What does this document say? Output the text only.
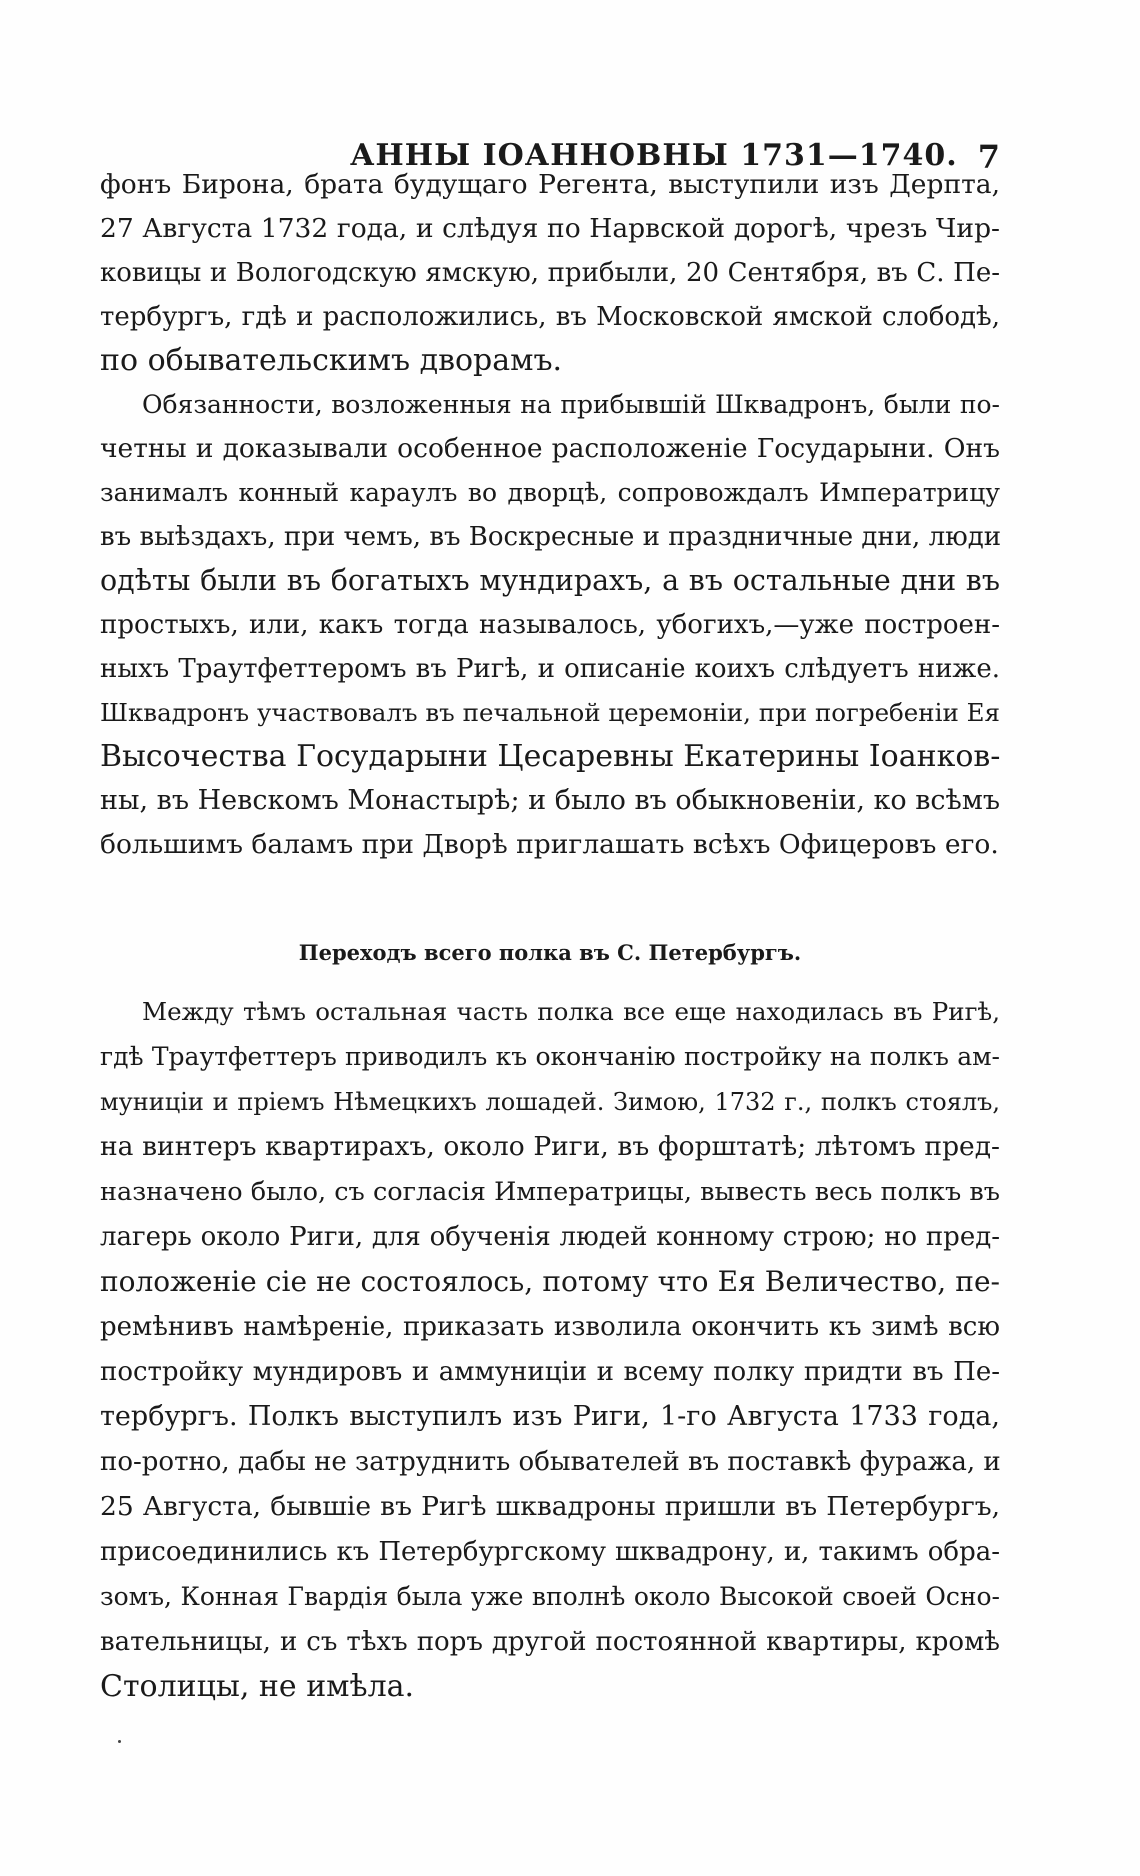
АННЫ ІОАННОВНЫ 1731—1740. 7
фонъ Бирона, брата будущаго Регента, выступили изъ Дерпта,
27 Августа 1732 года, и слѣдуя по Нарвской дорогѣ, чрезъ Чир-
ковицы и Вологодскую ямскую, прибыли, 20 Сентября, въ С. Пе-
тербургъ, гдѣ и расположились, въ Московской ямской слободѣ,
по обывательскимъ дворамъ.
Обязанности, возложенныя на прибывшій Шквадронъ, были по-
четны и доказывали особенное расположеніе Государыни. Онъ
занималъ конный караулъ во дворцѣ, сопровождалъ Императрицу
въ выѣздахъ, при чемъ, въ Воскресные и праздничные дни, люди
одѣты были въ богатыхъ мундирахъ, а въ остальные дни въ
простыхъ, или, какъ тогда называлось, убогихъ,—уже построен-
ныхъ Траутфеттеромъ въ Ригѣ, и описаніе коихъ слѣдуетъ ниже.
Шквадронъ участвовалъ въ печальной церемоніи, при погребеніи Ея
Высочества Государыни Цесаревны Екатерины Іоанков-
ны, въ Невскомъ Монастырѣ; и было въ обыкновеніи, ко всѣмъ
большимъ баламъ при Дворѣ приглашать всѣхъ Офицеровъ его.
Переходъ всего полка въ С. Петербургъ.
Между тѣмъ остальная часть полка все еще находилась въ Ригѣ,
гдѣ Траутфеттеръ приводилъ къ окончанію постройку на полкъ ам-
муниціи и пріемъ Нѣмецкихъ лошадей. Зимою, 1732 г., полкъ стоялъ,
на винтеръ квартирахъ, около Риги, въ форштатѣ; лѣтомъ пред-
назначено было, съ согласія Императрицы, вывесть весь полкъ въ
лагерь около Риги, для обученія людей конному строю; но пред-
положеніе сіе не состоялось, потому что Ея Величество, пе-
ремѣнивъ намѣреніе, приказать изволила окончить къ зимѣ всю
постройку мундировъ и аммуниціи и всему полку придти въ Пе-
тербургъ. Полкъ выступилъ изъ Риги, 1-го Августа 1733 года,
по-ротно, дабы не затруднить обывателей въ поставкѣ фуража, и
25 Августа, бывшіе въ Ригѣ шквадроны пришли въ Петербургъ,
присоединились къ Петербургскому шквадрону, и, такимъ обра-
зомъ, Конная Гвардія была уже вполнѣ около Высокой своей Осно-
вательницы, и съ тѣхъ поръ другой постоянной квартиры, кромѣ
Столицы, не имѣла.
